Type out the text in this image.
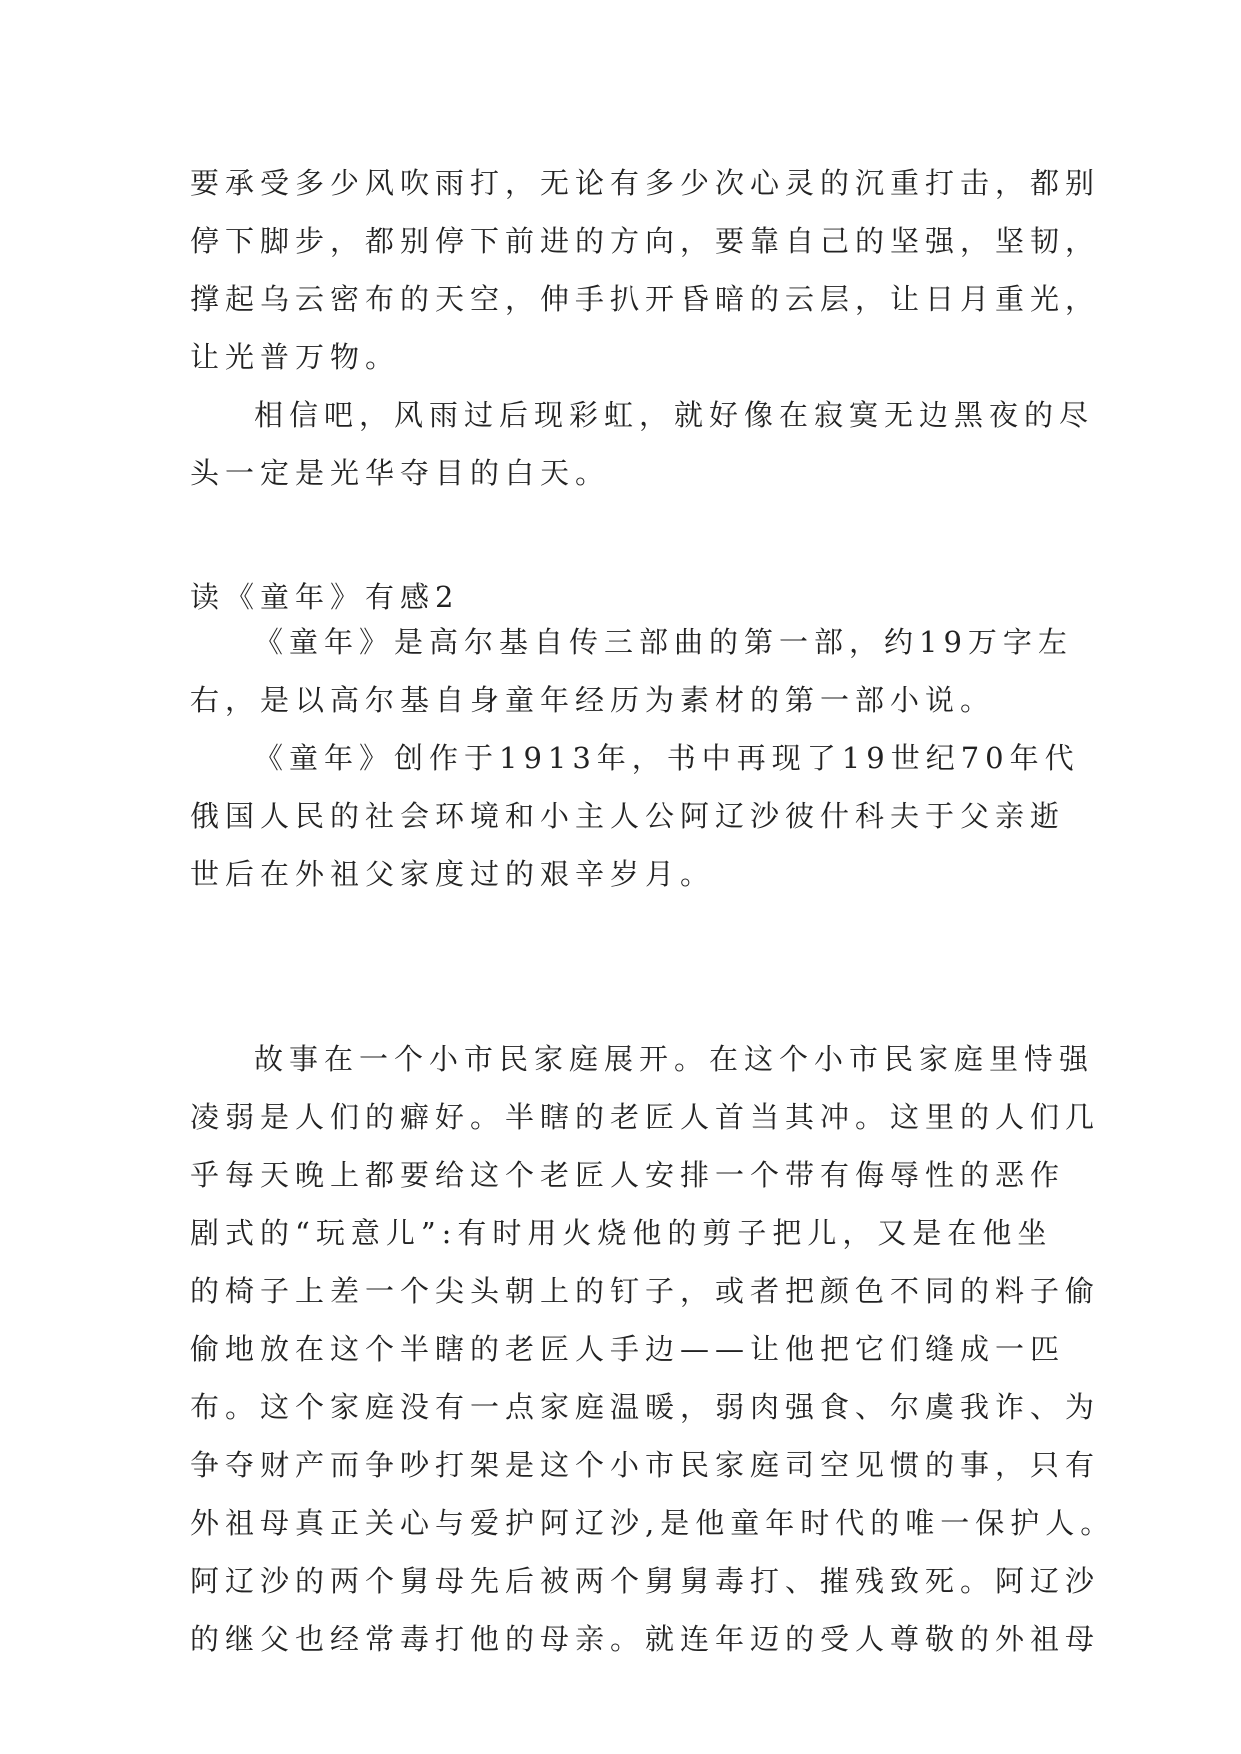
要承受多少风吹雨打，无论有多少次心灵的沉重打击，都别
停下脚步，都别停下前进的方向，要靠自己的坚强，坚韧，
撑起乌云密布的天空，伸手扒开昏暗的云层，让日月重光，
让光普万物。
相信吧，风雨过后现彩虹，就好像在寂寞无边黑夜的尽
头一定是光华夺目的白天。
读《童年》有感2
《童年》是高尔基自传三部曲的第一部，约19万字左
右，是以高尔基自身童年经历为素材的第一部小说。
《童年》创作于1913年，书中再现了19世纪70年代
俄国人民的社会环境和小主人公阿辽沙彼什科夫于父亲逝
世后在外祖父家度过的艰辛岁月。
故事在一个小市民家庭展开。在这个小市民家庭里恃强
凌弱是人们的癖好。半瞎的老匠人首当其冲。这里的人们几
乎每天晚上都要给这个老匠人安排一个带有侮辱性的恶作
剧式的“玩意儿”:有时用火烧他的剪子把儿，又是在他坐
的椅子上差一个尖头朝上的钉子，或者把颜色不同的料子偷
偷地放在这个半瞎的老匠人手边——让他把它们缝成一匹
布。这个家庭没有一点家庭温暖，弱肉强食、尔虞我诈、为
争夺财产而争吵打架是这个小市民家庭司空见惯的事，只有
外祖母真正关心与爱护阿辽沙,是他童年时代的唯一保护人。
阿辽沙的两个舅母先后被两个舅舅毒打、摧残致死。阿辽沙
的继父也经常毒打他的母亲。就连年迈的受人尊敬的外祖母
